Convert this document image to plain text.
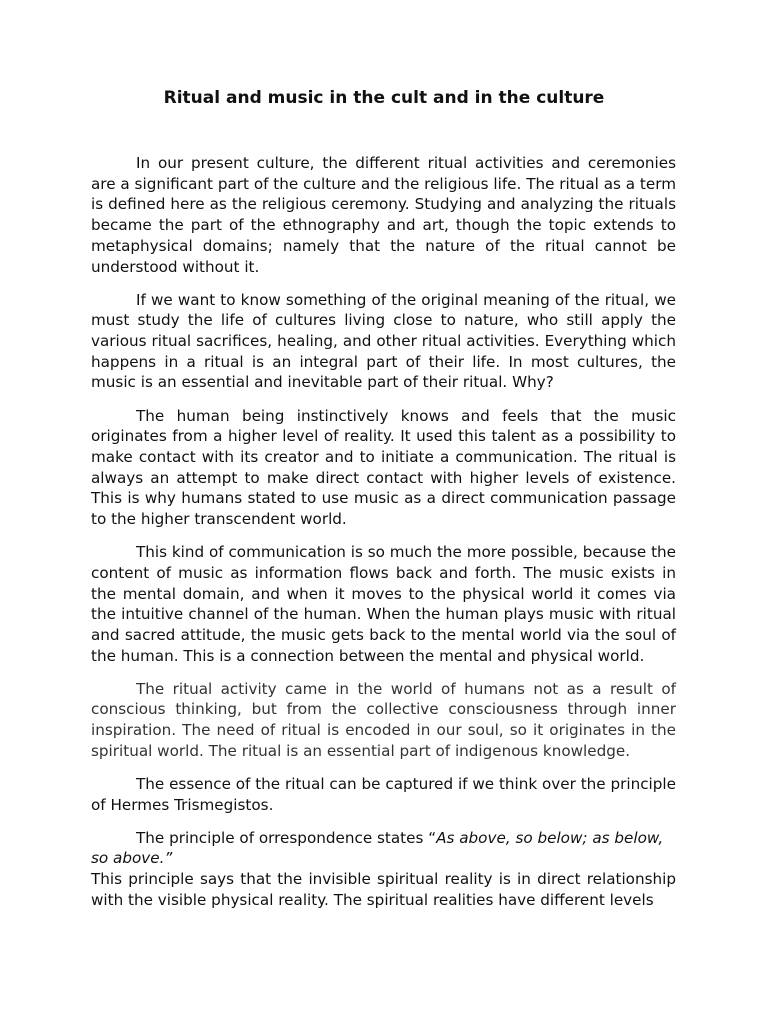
Ritual and music in the cult and in the culture

In our present culture, the different ritual activities and ceremonies are a significant part of the culture and the religious life. The ritual as a term is defined here as the religious ceremony. Studying and analyzing the rituals became the part of the ethnography and art, though the topic extends to metaphysical domains; namely that the nature of the ritual cannot be understood without it.

If we want to know something of the original meaning of the ritual, we must study the life of cultures living close to nature, who still apply the various ritual sacrifices, healing, and other ritual activities. Everything which happens in a ritual is an integral part of their life. In most cultures, the music is an essential and inevitable part of their ritual. Why?

The human being instinctively knows and feels that the music originates from a higher level of reality. It used this talent as a possibility to make contact with its creator and to initiate a communication. The ritual is always an attempt to make direct contact with higher levels of existence. This is why humans stated to use music as a direct communication passage to the higher transcendent world.

This kind of communication is so much the more possible, because the content of music as information flows back and forth. The music exists in the mental domain, and when it moves to the physical world it comes via the intuitive channel of the human. When the human plays music with ritual and sacred attitude, the music gets back to the mental world via the soul of the human. This is a connection between the mental and physical world.

The ritual activity came in the world of humans not as a result of conscious thinking, but from the collective consciousness through inner inspiration. The need of ritual is encoded in our soul, so it originates in the spiritual world. The ritual is an essential part of indigenous knowledge.

The essence of the ritual can be captured if we think over the principle of Hermes Trismegistos.

The principle of orrespondence states “As above, so below; as below, so above.”

This principle says that the invisible spiritual reality is in direct relationship with the visible physical reality. The spiritual realities have different levels
